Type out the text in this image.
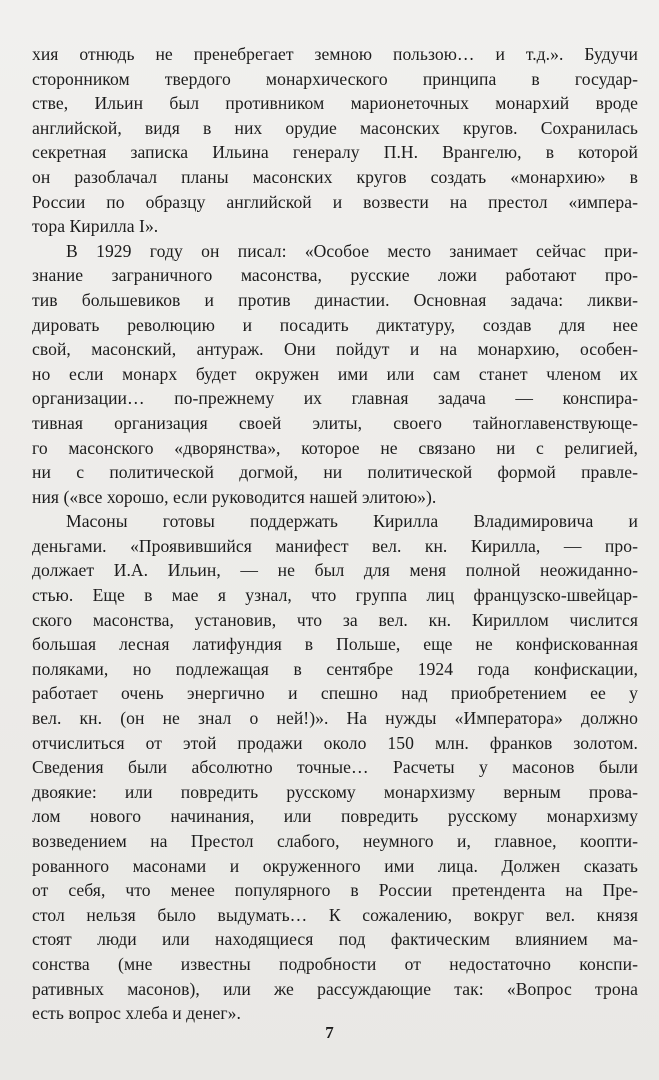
хия отнюдь не пренебрегает земною пользою… и т.д.». Будучи
сторонником твердого монархического принципа в государ-
стве, Ильин был противником марионеточных монархий вроде
английской, видя в них орудие масонских кругов. Сохранилась
секретная записка Ильина генералу П.Н. Врангелю, в которой
он разоблачал планы масонских кругов создать «монархию» в
России по образцу английской и возвести на престол «импера-
тора Кирилла I».
В 1929 году он писал: «Особое место занимает сейчас при-
знание заграничного масонства, русские ложи работают про-
тив большевиков и против династии. Основная задача: ликви-
дировать революцию и посадить диктатуру, создав для нее
свой, масонский, антураж. Они пойдут и на монархию, особен-
но если монарх будет окружен ими или сам станет членом их
организации… по-прежнему их главная задача — конспира-
тивная организация своей элиты, своего тайноглавенствующе-
го масонского «дворянства», которое не связано ни с религией,
ни с политической догмой, ни политической формой правле-
ния («все хорошо, если руководится нашей элитою»).
Масоны готовы поддержать Кирилла Владимировича и
деньгами. «Проявившийся манифест вел. кн. Кирилла, — про-
должает И.А. Ильин, — не был для меня полной неожиданно-
стью. Еще в мае я узнал, что группа лиц французско-швейцар-
ского масонства, установив, что за вел. кн. Кириллом числится
большая лесная латифундия в Польше, еще не конфискованная
поляками, но подлежащая в сентябре 1924 года конфискации,
работает очень энергично и спешно над приобретением ее у
вел. кн. (он не знал о ней!)». На нужды «Императора» должно
отчислиться от этой продажи около 150 млн. франков золотом.
Сведения были абсолютно точные… Расчеты у масонов были
двоякие: или повредить русскому монархизму верным прова-
лом нового начинания, или повредить русскому монархизму
возведением на Престол слабого, неумного и, главное, коопти-
рованного масонами и окруженного ими лица. Должен сказать
от себя, что менее популярного в России претендента на Пре-
стол нельзя было выдумать… К сожалению, вокруг вел. князя
стоят люди или находящиеся под фактическим влиянием ма-
сонства (мне известны подробности от недостаточно конспи-
ративных масонов), или же рассуждающие так: «Вопрос трона
есть вопрос хлеба и денег».
7
